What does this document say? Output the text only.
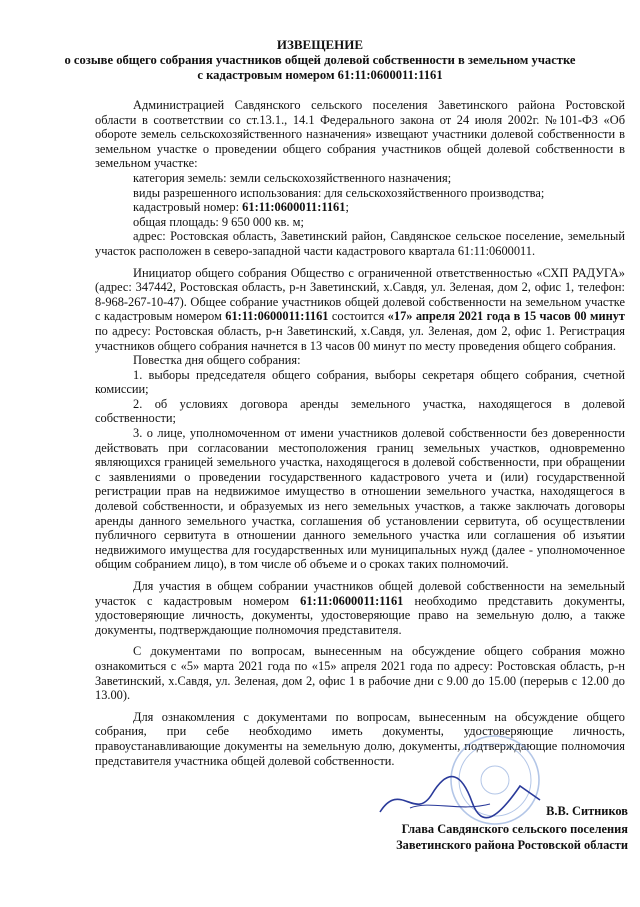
ИЗВЕЩЕНИЕ
о созыве общего собрания участников общей долевой собственности в земельном участке
с кадастровым номером 61:11:0600011:1161

Администрацией Савдянского сельского поселения Заветинского района Ростовской области в соответствии со ст.13.1., 14.1 Федерального закона от 24 июля 2002г. №101-ФЗ «Об обороте земель сельскохозяйственного назначения» извещают участники долевой собственности в земельном участке о проведении общего собрания участников общей долевой собственности в земельном участке:

категория земель: земли сельскохозяйственного назначения;

виды разрешенного использования: для сельскохозяйственного производства;

кадастровый номер: 61:11:0600011:1161;

общая площадь: 9 650 000 кв. м;

адрес: Ростовская область, Заветинский район, Савдянское сельское поселение, земельный участок расположен в северо-западной части кадастрового квартала 61:11:0600011.

Инициатор общего собрания Общество с ограниченной ответственностью «СХП РАДУГА» (адрес: 347442, Ростовская область, р-н Заветинский, х.Савдя, ул. Зеленая, дом 2, офис 1, телефон: 8-968-267-10-47). Общее собрание участников общей долевой собственности на земельном участке с кадастровым номером 61:11:0600011:1161 состоится «17» апреля 2021 года в 15 часов 00 минут по адресу: Ростовская область, р-н Заветинский, х.Савдя, ул. Зеленая, дом 2, офис 1. Регистрация участников общего собрания начнется в 13 часов 00 минут по месту проведения общего собрания.

Повестка дня общего собрания:

1. выборы председателя общего собрания, выборы секретаря общего собрания, счетной комиссии;

2. об условиях договора аренды земельного участка, находящегося в долевой собственности;

3. о лице, уполномоченном от имени участников долевой собственности без доверенности действовать при согласовании местоположения границ земельных участков, одновременно являющихся границей земельного участка, находящегося в долевой собственности, при обращении с заявлениями о проведении государственного кадастрового учета и (или) государственной регистрации прав на недвижимое имущество в отношении земельного участка, находящегося в долевой собственности, и образуемых из него земельных участков, а также заключать договоры аренды данного земельного участка, соглашения об установлении сервитута, об осуществлении публичного сервитута в отношении данного земельного участка или соглашения об изъятии недвижимого имущества для государственных или муниципальных нужд (далее - уполномоченное общим собранием лицо), в том числе об объеме и о сроках таких полномочий.

Для участия в общем собрании участников общей долевой собственности на земельный участок с кадастровым номером 61:11:0600011:1161 необходимо представить документы, удостоверяющие личность, документы, удостоверяющие право на земельную долю, а также документы, подтверждающие полномочия представителя.

С документами по вопросам, вынесенным на обсуждение общего собрания можно ознакомиться с «5» марта 2021 года по «15» апреля 2021 года по адресу: Ростовская область, р-н Заветинский, х.Савдя, ул. Зеленая, дом 2, офис 1 в рабочие дни с 9.00 до 15.00 (перерыв с 12.00 до 13.00).

Для ознакомления с документами по вопросам, вынесенным на обсуждение общего собрания, при себе необходимо иметь документы, удостоверяющие личность, правоустанавливающие документы на земельную долю, документы, подтверждающие полномочия представителя участника общей долевой собственности.

В.В. Ситников
Глава Савдянского сельского поселения
Заветинского района Ростовской области
